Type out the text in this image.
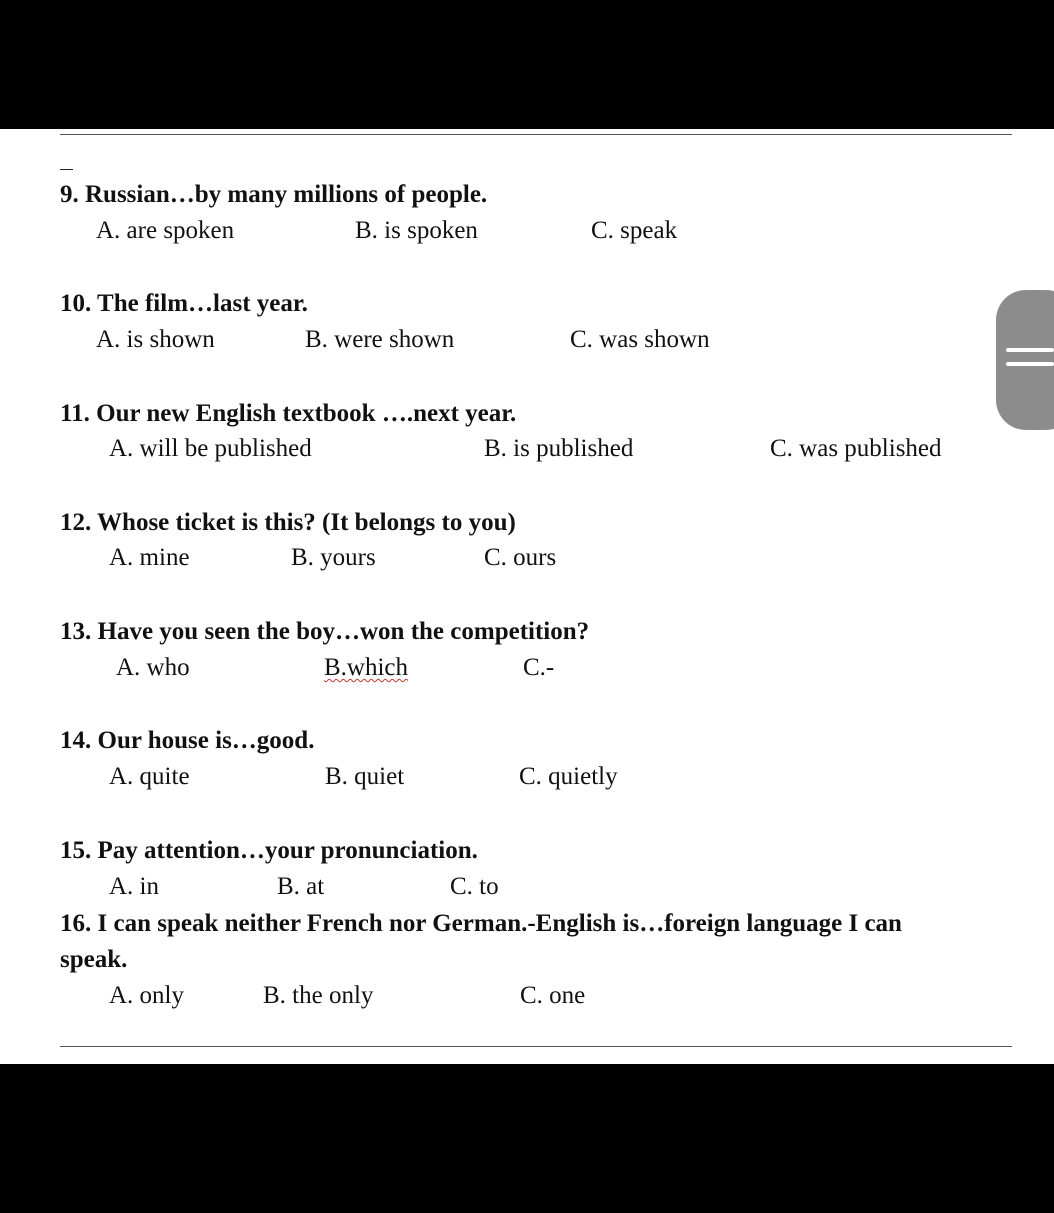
9. Russian…by many millions of people.
A. are spoken	B. is spoken	C. speak
10. The film…last year.
A. is shown	B. were shown	C. was shown
11. Our new English textbook ….next year.
A. will be published	B. is published	C. was published
12. Whose ticket is this? (It belongs to you)
A. mine	B. yours	C. ours
13. Have you seen the boy…won the competition?
A. who	B.which	C.-
14. Our house is…good.
A. quite	B. quiet	C. quietly
15. Pay attention…your pronunciation.
A. in	B. at	C. to
16. I can speak neither French nor German.-English is…foreign language I can
speak.
A. only	B. the only	C. one
